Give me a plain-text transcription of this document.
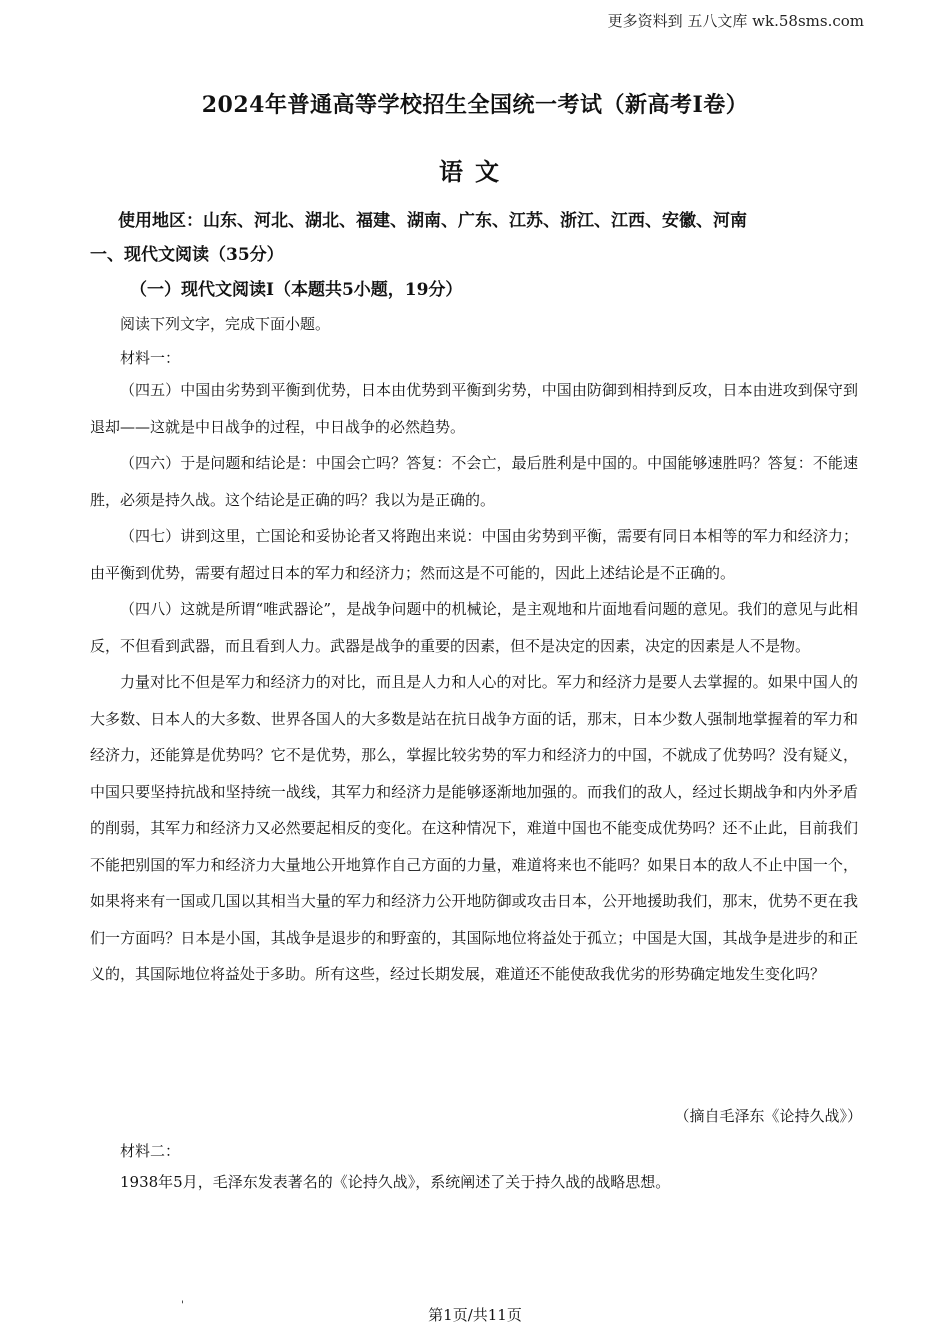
更多资料到 五八文库 wk.58sms.com
2024年普通高等学校招生全国统一考试（新高考Ⅰ卷）
语文
使用地区：山东、河北、湖北、福建、湖南、广东、江苏、浙江、江西、安徽、河南
一、现代文阅读（35分）
（一）现代文阅读Ⅰ（本题共5小题，19分）
阅读下列文字，完成下面小题。
材料一：

（四五）中国由劣势到平衡到优势，日本由优势到平衡到劣势，中国由防御到相持到反攻，日本由进攻到保守到退却——这就是中日战争的过程，中日战争的必然趋势。

（四六）于是问题和结论是：中国会亡吗？答复：不会亡，最后胜利是中国的。中国能够速胜吗？答复：不能速胜，必须是持久战。这个结论是正确的吗？我以为是正确的。

（四七）讲到这里，亡国论和妥协论者又将跑出来说：中国由劣势到平衡，需要有同日本相等的军力和经济力；由平衡到优势，需要有超过日本的军力和经济力；然而这是不可能的，因此上述结论是不正确的。

（四八）这就是所谓“唯武器论”，是战争问题中的机械论，是主观地和片面地看问题的意见。我们的意见与此相反，不但看到武器，而且看到人力。武器是战争的重要的因素，但不是决定的因素，决定的因素是人不是物。

力量对比不但是军力和经济力的对比，而且是人力和人心的对比。军力和经济力是要人去掌握的。如果中国人的大多数、日本人的大多数、世界各国人的大多数是站在抗日战争方面的话，那末，日本少数人强制地掌握着的军力和经济力，还能算是优势吗？它不是优势，那么，掌握比较劣势的军力和经济力的中国，不就成了优势吗？没有疑义，中国只要坚持抗战和坚持统一战线，其军力和经济力是能够逐渐地加强的。而我们的敌人，经过长期战争和内外矛盾的削弱，其军力和经济力又必然要起相反的变化。在这种情况下，难道中国也不能变成优势吗？还不止此，目前我们不能把别国的军力和经济力大量地公开地算作自己方面的力量，难道将来也不能吗？如果日本的敌人不止中国一个，如果将来有一国或几国以其相当大量的军力和经济力公开地防御或攻击日本，公开地援助我们，那末，优势不更在我们一方面吗？日本是小国，其战争是退步的和野蛮的，其国际地位将益处于孤立；中国是大国，其战争是进步的和正义的，其国际地位将益处于多助。所有这些，经过长期发展，难道还不能使敌我优劣的形势确定地发生变化吗？

（摘自毛泽东《论持久战》）
材料二：
1938年5月，毛泽东发表著名的《论持久战》，系统阐述了关于持久战的战略思想。
'
第1页/共11页
